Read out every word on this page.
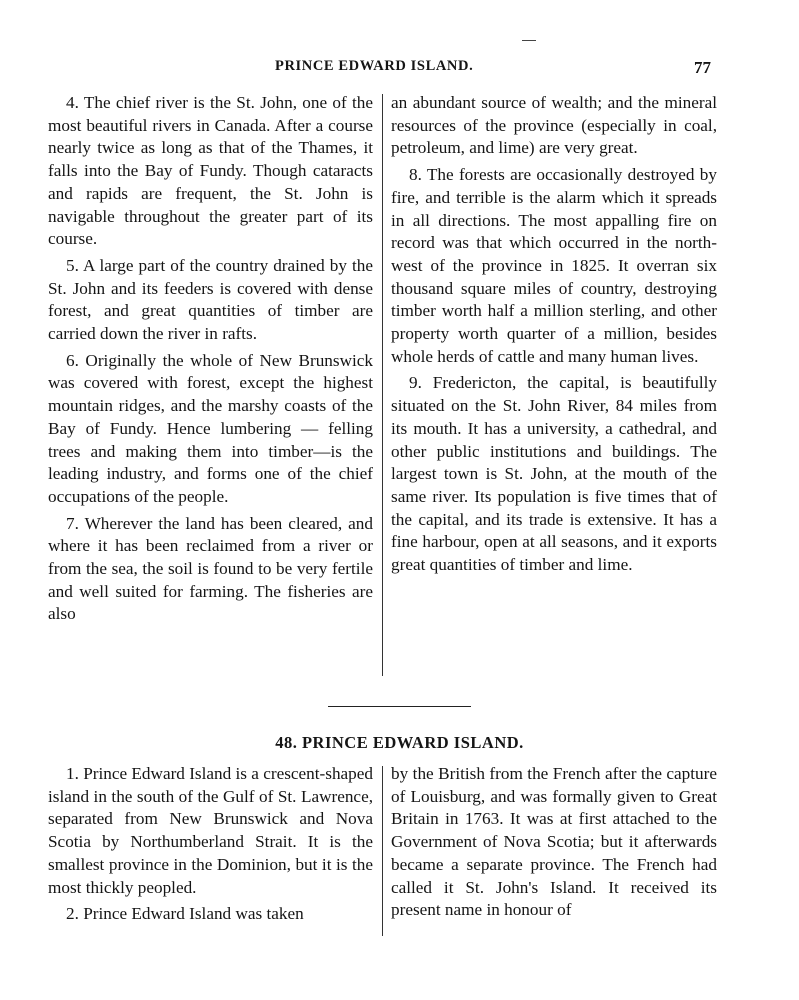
PRINCE EDWARD ISLAND.	77

4. The chief river is the St. John, one of the most beautiful rivers in Canada. After a course nearly twice as long as that of the Thames, it falls into the Bay of Fundy. Though cataracts and rapids are frequent, the St. John is navigable throughout the greater part of its course.

5. A large part of the country drained by the St. John and its feeders is covered with dense forest, and great quantities of timber are carried down the river in rafts.

6. Originally the whole of New Brunswick was covered with forest, except the highest mountain ridges, and the marshy coasts of the Bay of Fundy. Hence lumbering — felling trees and making them into timber—is the leading industry, and forms one of the chief occupations of the people.

7. Wherever the land has been cleared, and where it has been reclaimed from a river or from the sea, the soil is found to be very fertile and well suited for farming. The fisheries are also

an abundant source of wealth; and the mineral resources of the province (especially in coal, petroleum, and lime) are very great.

8. The forests are occasionally destroyed by fire, and terrible is the alarm which it spreads in all directions. The most appalling fire on record was that which occurred in the north-west of the province in 1825. It overran six thousand square miles of country, destroying timber worth half a million sterling, and other property worth quarter of a million, besides whole herds of cattle and many human lives.

9. Fredericton, the capital, is beautifully situated on the St. John River, 84 miles from its mouth. It has a university, a cathedral, and other public institutions and buildings. The largest town is St. John, at the mouth of the same river. Its population is five times that of the capital, and its trade is extensive. It has a fine harbour, open at all seasons, and it exports great quantities of timber and lime.

48. PRINCE EDWARD ISLAND.

1. Prince Edward Island is a crescent-shaped island in the south of the Gulf of St. Lawrence, separated from New Brunswick and Nova Scotia by Northumberland Strait. It is the smallest province in the Dominion, but it is the most thickly peopled.

2. Prince Edward Island was taken

by the British from the French after the capture of Louisburg, and was formally given to Great Britain in 1763. It was at first attached to the Government of Nova Scotia; but it afterwards became a separate province. The French had called it St. John's Island. It received its present name in honour of
